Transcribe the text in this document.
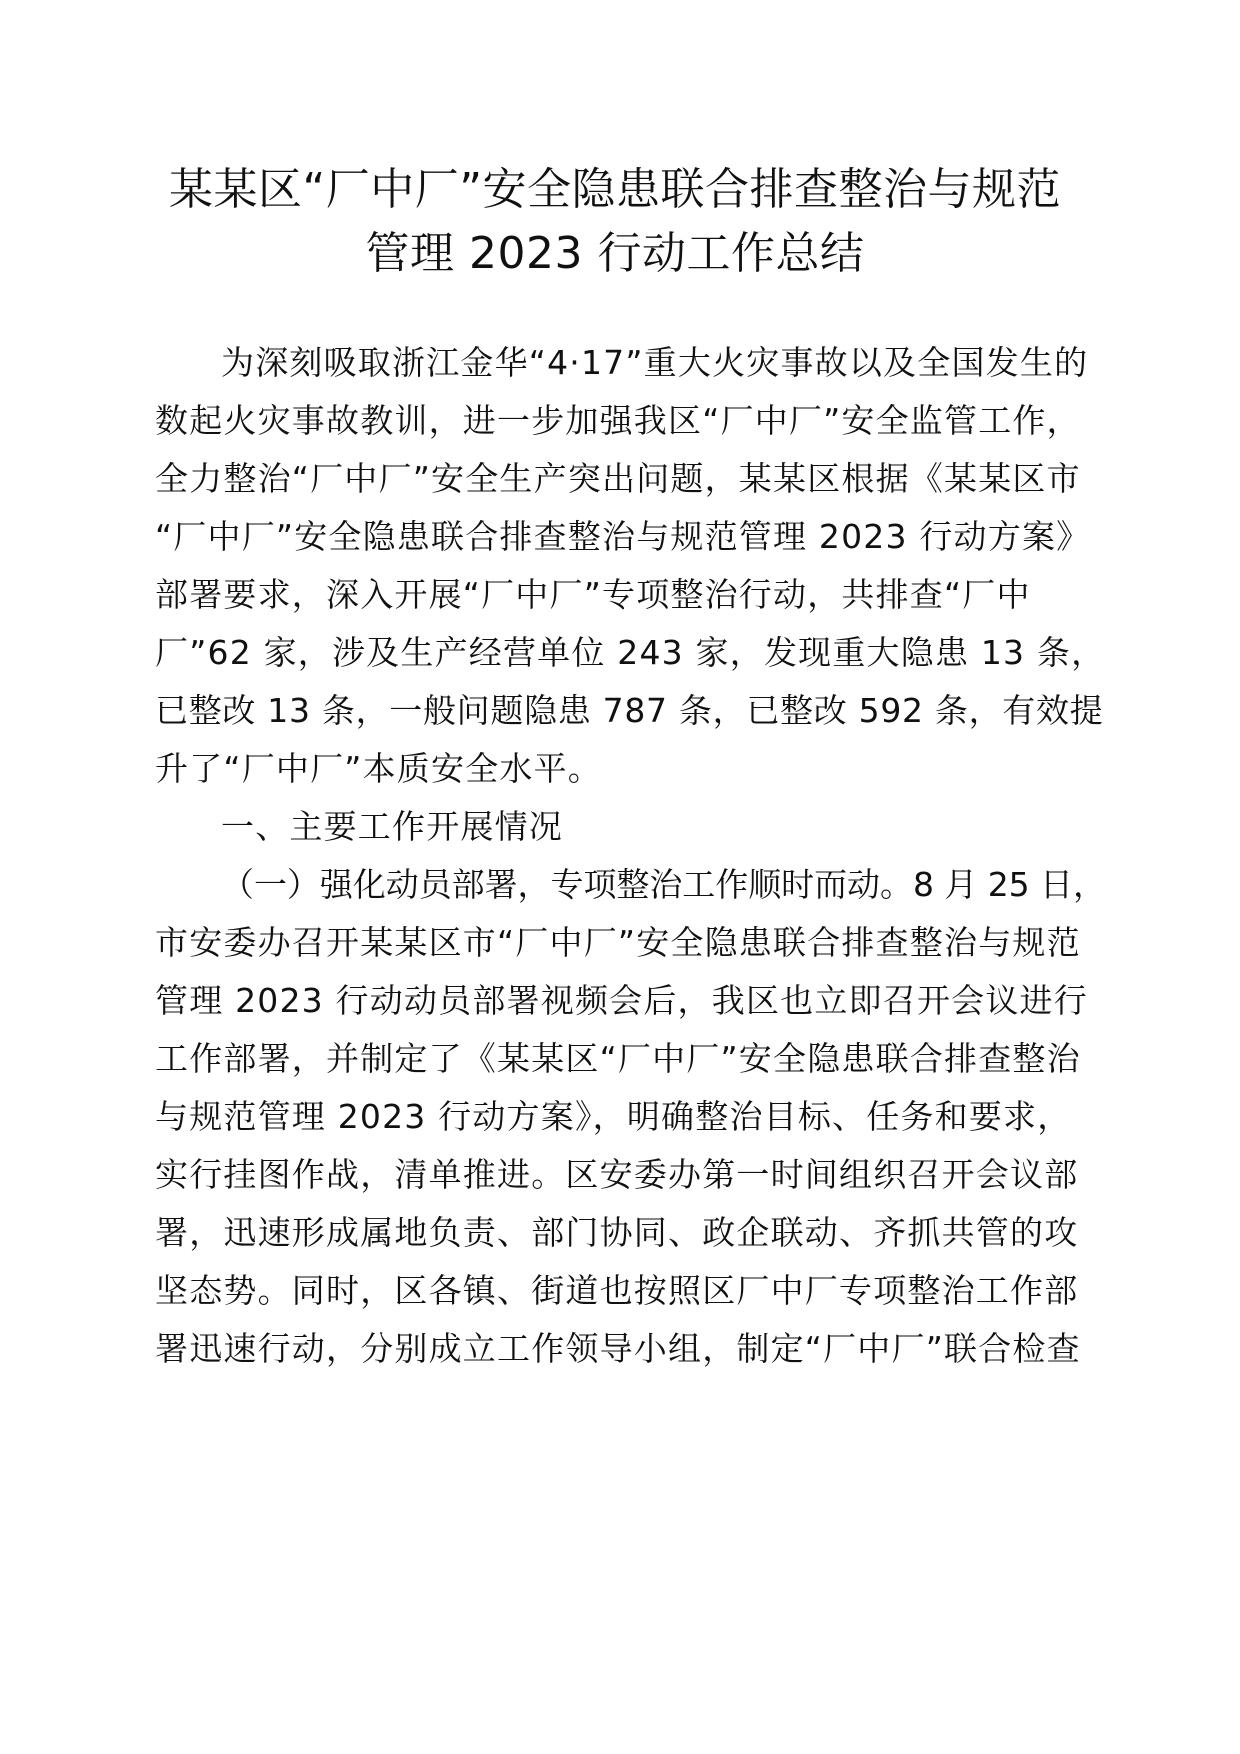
某某区“厂中厂”安全隐患联合排查整治与规范
管理 2023 行动工作总结
为深刻吸取浙江金华“4·17”重大火灾事故以及全国发生的
数起火灾事故教训，进一步加强我区“厂中厂”安全监管工作，
全力整治“厂中厂”安全生产突出问题，某某区根据《某某区市
“厂中厂”安全隐患联合排查整治与规范管理 2023 行动方案》
部署要求，深入开展“厂中厂”专项整治行动，共排查“厂中
厂”62 家，涉及生产经营单位 243 家，发现重大隐患 13 条，
已整改 13 条，一般问题隐患 787 条，已整改 592 条，有效提
升了“厂中厂”本质安全水平。
一、主要工作开展情况
（一）强化动员部署，专项整治工作顺时而动。8 月 25 日，
市安委办召开某某区市“厂中厂”安全隐患联合排查整治与规范
管理 2023 行动动员部署视频会后，我区也立即召开会议进行
工作部署，并制定了《某某区“厂中厂”安全隐患联合排查整治
与规范管理 2023 行动方案》，明确整治目标、任务和要求，
实行挂图作战，清单推进。区安委办第一时间组织召开会议部
署，迅速形成属地负责、部门协同、政企联动、齐抓共管的攻
坚态势。同时，区各镇、街道也按照区厂中厂专项整治工作部
署迅速行动，分别成立工作领导小组，制定“厂中厂”联合检查
